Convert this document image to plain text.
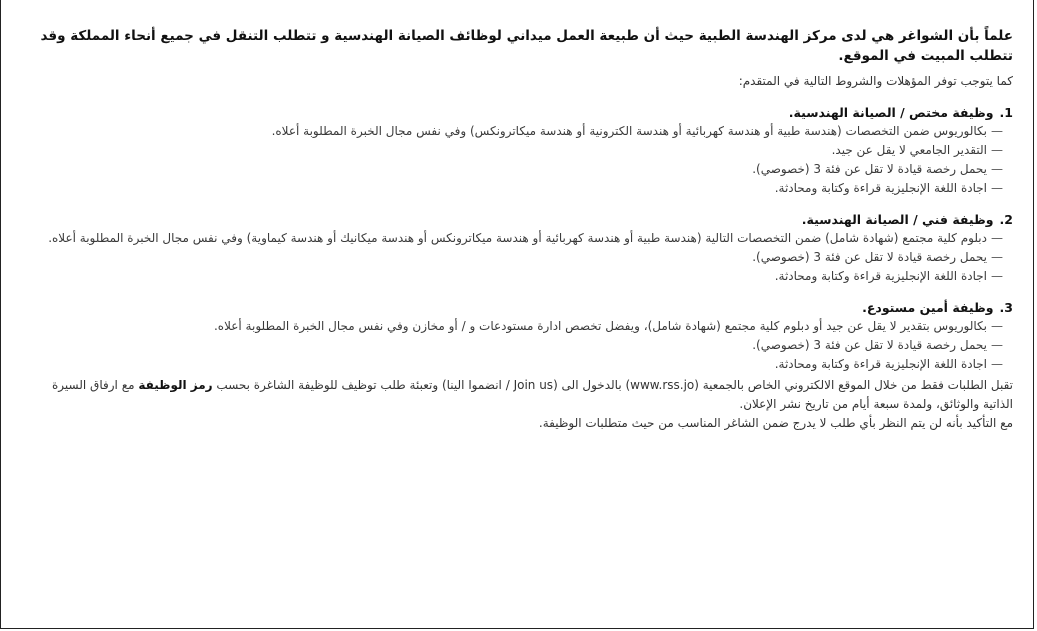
علماً بأن الشواغر هي لدى مركز الهندسة الطبية حيث أن طبيعة العمل ميداني لوظائف الصيانة الهندسية و تتطلب التنقل في جميع أنحاء المملكة وقد تتطلب المبيت في الموقع.

كما يتوجب توفر المؤهلات والشروط التالية في المتقدم:

1.
وظيفة مختص / الصيانة الهندسية.

— بكالوريوس ضمن التخصصات (هندسة طبية أو هندسة كهربائية أو هندسة الكترونية أو هندسة ميكاترونكس) وفي نفس مجال الخبرة المطلوبة أعلاه.
— التقدير الجامعي لا يقل عن جيد.
— يحمل رخصة قيادة لا تقل عن فئة 3 (خصوصي).
— اجادة اللغة الإنجليزية قراءة وكتابة ومحادثة.

2.
وظيفة فني / الصيانة الهندسية.

— دبلوم كلية مجتمع (شهادة شامل) ضمن التخصصات التالية (هندسة طبية أو هندسة كهربائية أو هندسة ميكاترونكس أو هندسة ميكانيك أو هندسة كيماوية) وفي نفس مجال الخبرة المطلوبة أعلاه.
— يحمل رخصة قيادة لا تقل عن فئة 3 (خصوصي).
— اجادة اللغة الإنجليزية قراءة وكتابة ومحادثة.

3.
وظيفة أمين مستودع.

— بكالوريوس بتقدير لا يقل عن جيد أو دبلوم كلية مجتمع (شهادة شامل)، ويفضل تخصص ادارة مستودعات و / أو مخازن وفي نفس مجال الخبرة المطلوبة أعلاه.
— يحمل رخصة قيادة لا تقل عن فئة 3 (خصوصي).
— اجادة اللغة الإنجليزية قراءة وكتابة ومحادثة.

تقبل الطلبات فقط من خلال الموقع الالكتروني الخاص بالجمعية (www.rss.jo) بالدخول الى (Join us / انضموا الينا) وتعبئة طلب توظيف للوظيفة الشاغرة بحسب رمز الوظيفة مع ارفاق السيرة الذاتية والوثائق، ولمدة سبعة أيام من تاريخ نشر الإعلان.

مع التأكيد بأنه لن يتم النظر بأي طلب لا يدرج ضمن الشاغر المناسب من حيث متطلبات الوظيفة.
